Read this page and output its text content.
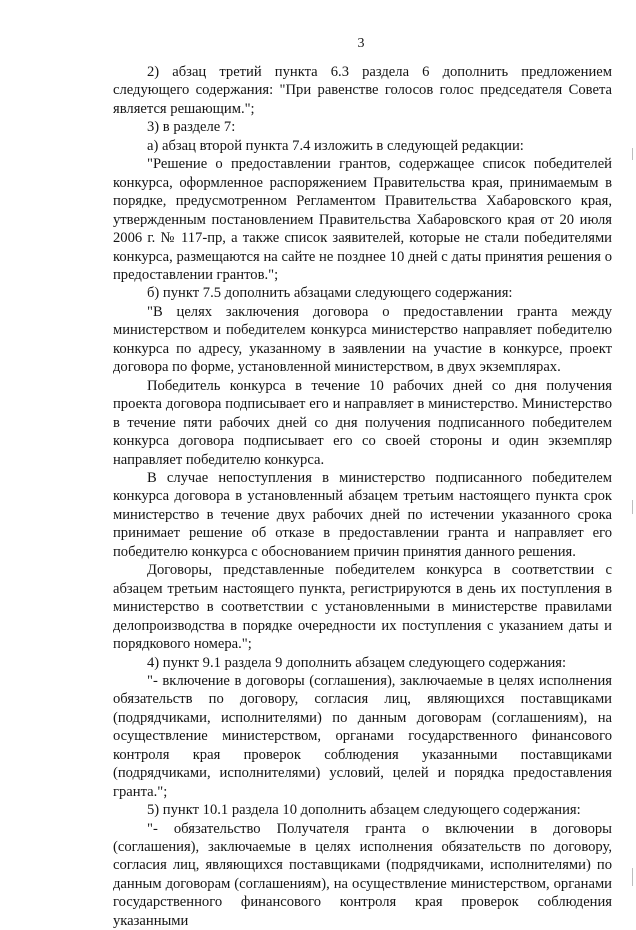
3

2) абзац третий пункта 6.3 раздела 6 дополнить предложением следующего содержания: "При равенстве голосов голос председателя Совета является решающим.";

3) в разделе 7:

а) абзац второй пункта 7.4 изложить в следующей редакции:

"Решение о предоставлении грантов, содержащее список победителей конкурса, оформленное распоряжением Правительства края, принимаемым в порядке, предусмотренном Регламентом Правительства Хабаровского края, утвержденным постановлением Правительства Хабаровского края от 20 июля 2006 г. № 117-пр, а также список заявителей, которые не стали победителями конкурса, размещаются на сайте не позднее 10 дней с даты принятия решения о предоставлении грантов.";

б) пункт 7.5 дополнить абзацами следующего содержания:

"В целях заключения договора о предоставлении гранта между министерством и победителем конкурса министерство направляет победителю конкурса по адресу, указанному в заявлении на участие в конкурсе, проект договора по форме, установленной министерством, в двух экземплярах.

Победитель конкурса в течение 10 рабочих дней со дня получения проекта договора подписывает его и направляет в министерство. Министерство в течение пяти рабочих дней со дня получения подписанного победителем конкурса договора подписывает его со своей стороны и один экземпляр направляет победителю конкурса.

В случае непоступления в министерство подписанного победителем конкурса договора в установленный абзацем третьим настоящего пункта срок министерство в течение двух рабочих дней по истечении указанного срока принимает решение об отказе в предоставлении гранта и направляет его победителю конкурса с обоснованием причин принятия данного решения.

Договоры, представленные победителем конкурса в соответствии с абзацем третьим настоящего пункта, регистрируются в день их поступления в министерство в соответствии с установленными в министерстве правилами делопроизводства в порядке очередности их поступления с указанием даты и порядкового номера.";

4) пункт 9.1 раздела 9 дополнить абзацем следующего содержания:

"- включение в договоры (соглашения), заключаемые в целях исполнения обязательств по договору, согласия лиц, являющихся поставщиками (подрядчиками, исполнителями) по данным договорам (соглашениям), на осуществление министерством, органами государственного финансового контроля края проверок соблюдения указанными поставщиками (подрядчиками, исполнителями) условий, целей и порядка предоставления гранта.";

5) пункт 10.1 раздела 10 дополнить абзацем следующего содержания:

"- обязательство Получателя гранта о включении в договоры (соглашения), заключаемые в целях исполнения обязательств по договору, согласия лиц, являющихся поставщиками (подрядчиками, исполнителями) по данным договорам (соглашениям), на осуществление министерством, органами государственного финансового контроля края проверок соблюдения указанными
